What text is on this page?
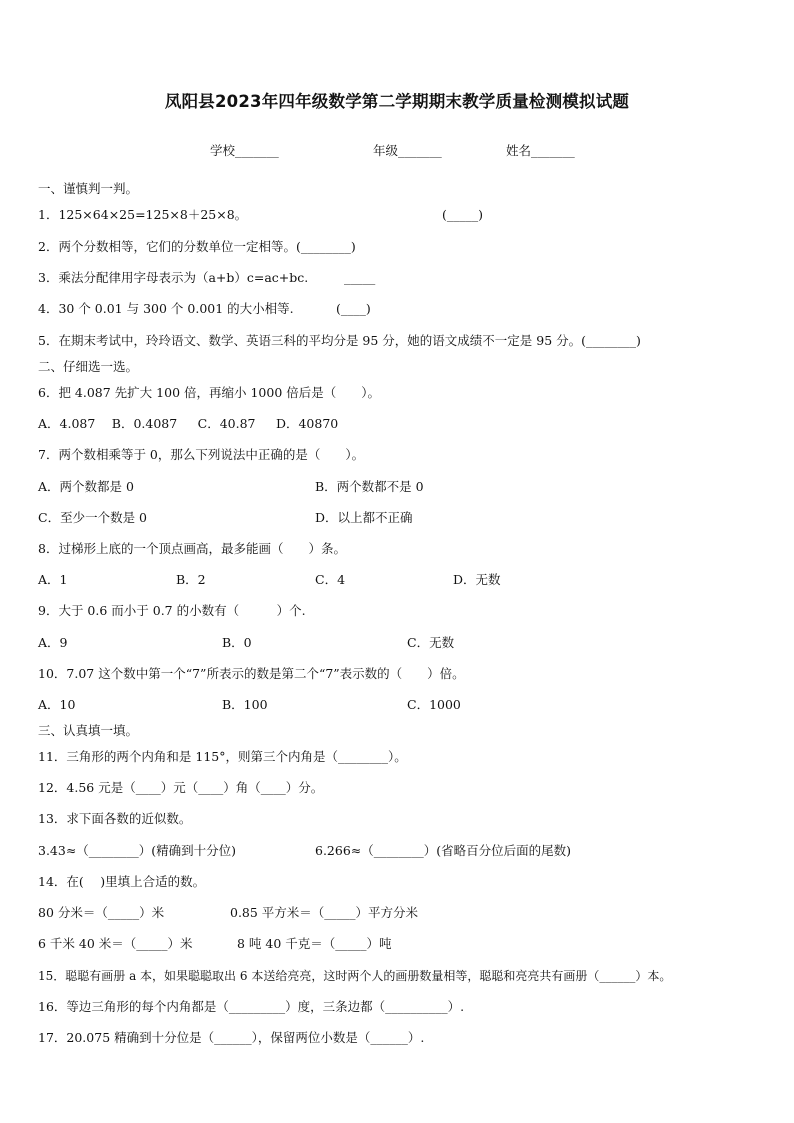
凤阳县2023年四年级数学第二学期期末教学质量检测模拟试题
学校_______	年级_______	姓名_______
一、谨慎判一判。
1．125×64×25=125×8＋25×8。	(_____)
2．两个分数相等，它们的分数单位一定相等。(________)
3．乘法分配律用字母表示为（a+b）c=ac+bc.	_____
4．30 个 0.01 与 300 个 0.001 的大小相等.	(____)
5．在期末考试中，玲玲语文、数学、英语三科的平均分是 95 分，她的语文成绩不一定是 95 分。(________)
二、仔细选一选。
6．把 4.087 先扩大 100 倍，再缩小 1000 倍后是（　　）。
A．4.087　 B．0.4087　  C．40.87　  D．40870
7．两个数相乘等于 0，那么下列说法中正确的是（　　）。
A．两个数都是 0	B．两个数都不是 0
C．至少一个数是 0	D．以上都不正确
8．过梯形上底的一个顶点画高，最多能画（　　）条。
A．1	B．2	C．4	D．无数
9．大于 0.6 而小于 0.7 的小数有（　　　）个.
A．9	B．0	C．无数
10．7.07 这个数中第一个“7”所表示的数是第二个“7”表示数的（　　）倍。
A．10	B．100	C．1000
三、认真填一填。
11．三角形的两个内角和是 115°，则第三个内角是（________）。
12．4.56 元是（____）元（____）角（____）分。
13．求下面各数的近似数。
3.43≈（________）(精确到十分位)	6.266≈（________）(省略百分位后面的尾数)
14．在(　 )里填上合适的数。
80 分米＝（_____）米	0.85 平方米＝（_____）平方分米
6 千米 40 米＝（_____）米	8 吨 40 千克＝（_____）吨
15．聪聪有画册 a 本，如果聪聪取出 6 本送给亮亮，这时两个人的画册数量相等，聪聪和亮亮共有画册（______）本。
16．等边三角形的每个内角都是（_________）度，三条边都（__________）.
17．20.075 精确到十分位是（______），保留两位小数是（______）.
